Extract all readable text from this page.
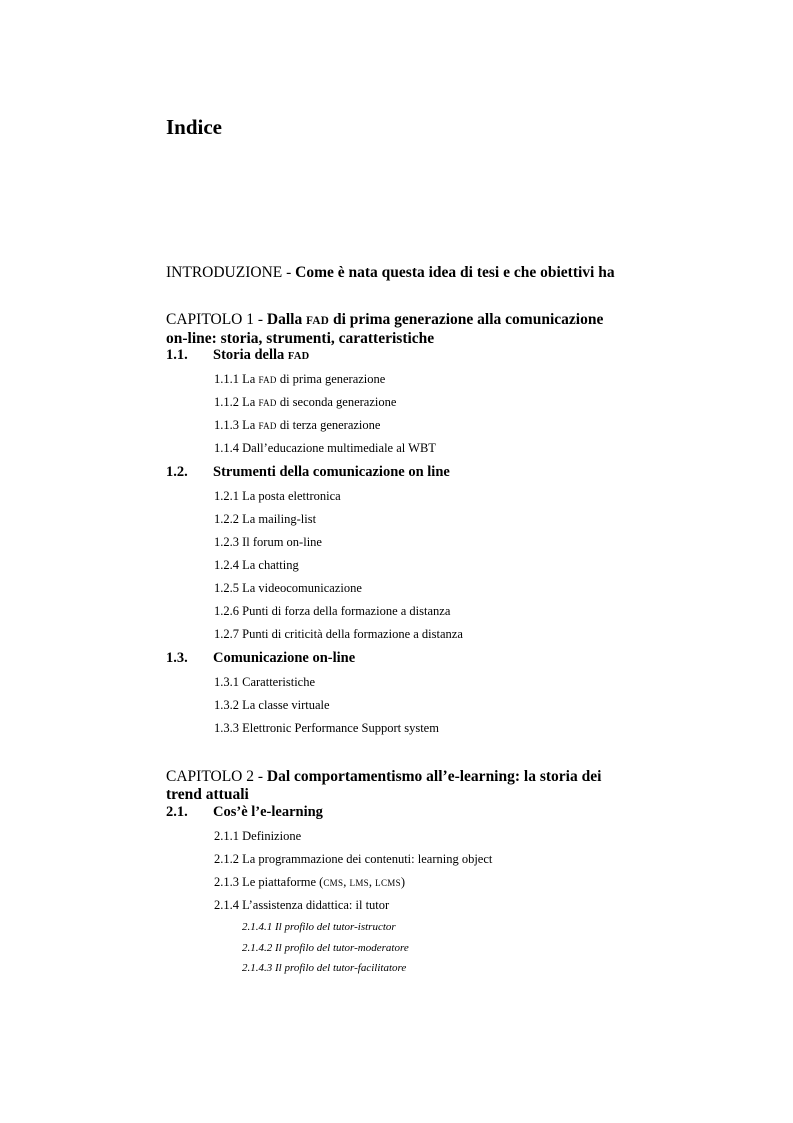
Indice
INTRODUZIONE - Come è nata questa idea di tesi e che obiettivi ha
CAPITOLO 1 - Dalla FAD di prima generazione alla comunicazione
on-line: storia, strumenti, caratteristiche
1.1. Storia della FAD
1.1.1 La FAD di prima generazione
1.1.2 La FAD di seconda generazione
1.1.3 La FAD di terza generazione
1.1.4 Dall’educazione multimediale al WBT
1.2. Strumenti della comunicazione on line
1.2.1 La posta elettronica
1.2.2 La mailing-list
1.2.3 Il forum on-line
1.2.4 La chatting
1.2.5 La videocomunicazione
1.2.6 Punti di forza della formazione a distanza
1.2.7 Punti di criticità della formazione a distanza
1.3. Comunicazione on-line
1.3.1 Caratteristiche
1.3.2 La classe virtuale
1.3.3 Elettronic Performance Support system
CAPITOLO 2 - Dal comportamentismo all’e-learning: la storia dei
trend attuali
2.1. Cos’è l’e-learning
2.1.1 Definizione
2.1.2 La programmazione dei contenuti: learning object
2.1.3 Le piattaforme (CMS, LMS, LCMS)
2.1.4 L’assistenza didattica: il tutor
2.1.4.1 Il profilo del tutor-istructor
2.1.4.2 Il profilo del tutor-moderatore
2.1.4.3 Il profilo del tutor-facilitatore
